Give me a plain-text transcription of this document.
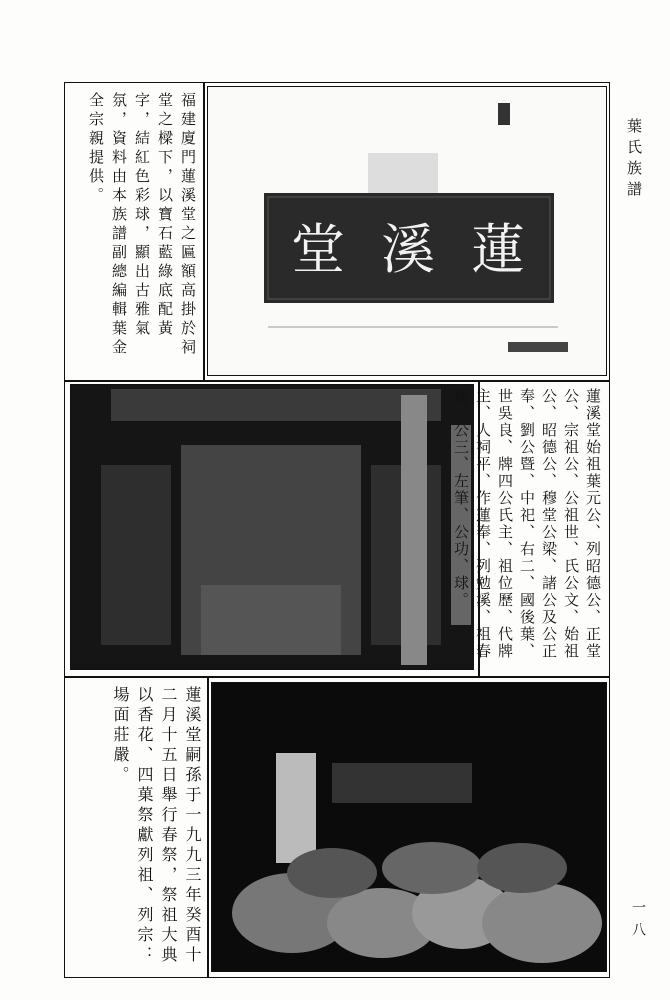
葉氏族譜
一八
福建廈門蓮溪堂之匾額高掛於祠堂之樑下，以寶石藍綠底配黃字，結紅色彩球，顯出古雅氣氛，資料由本族譜副總編輯葉金全宗親提供。
堂 溪 蓮
蓮溪堂始祖葉元公、列昭德公、正堂公、宗祖公、公祖世、氏公文、始祖公、昭德公、穆堂公梁、諸公及公正奉、劉公暨、中祀、右二、國後葉、世吳良、牌四公氏主、祖位歷、代牌主、人祠平、作蓮奉、列勉溪、祖春秋、公三、左筆、公功、球。
蓮溪堂嗣孫于一九九三年癸酉十二月十五日舉行春祭，祭祖大典以香花、四菓祭獻列祖、列宗：場面莊嚴。
